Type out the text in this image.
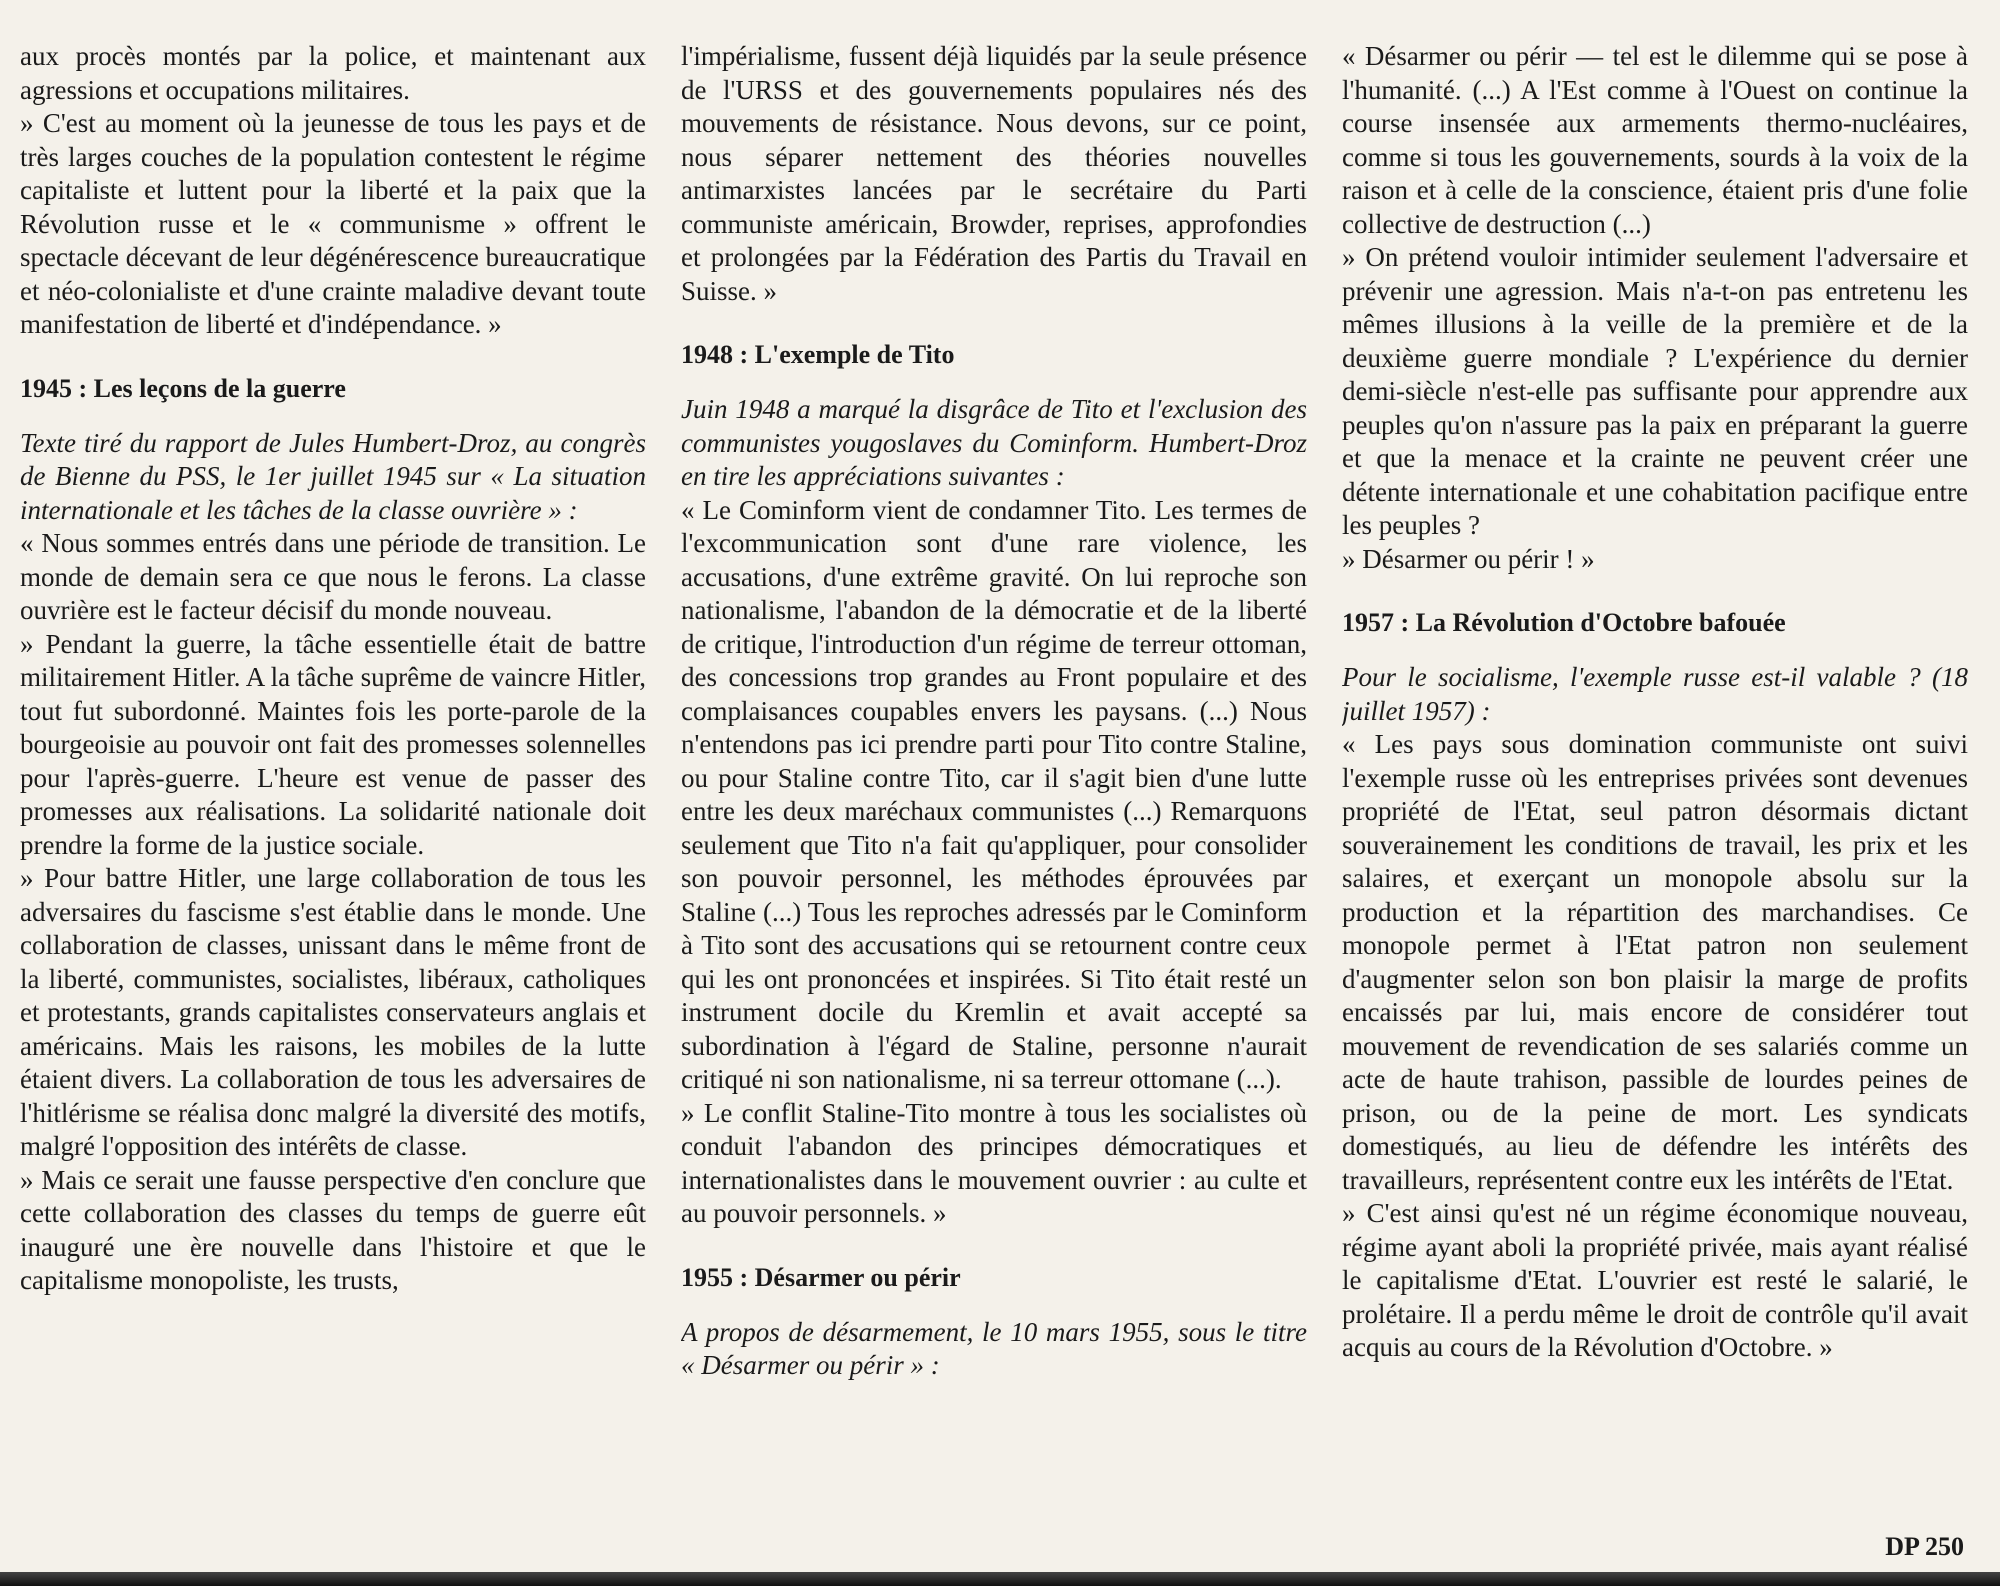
aux procès montés par la police, et maintenant aux agressions et occupations militaires.

» C'est au moment où la jeunesse de tous les pays et de très larges couches de la population contestent le régime capitaliste et luttent pour la liberté et la paix que la Révolution russe et le « communisme » offrent le spectacle décevant de leur dégénérescence bureaucratique et néo-colonialiste et d'une crainte maladive devant toute manifestation de liberté et d'indépendance. »

1945 : Les leçons de la guerre

Texte tiré du rapport de Jules Humbert-Droz, au congrès de Bienne du PSS, le 1er juillet 1945 sur « La situation internationale et les tâches de la classe ouvrière » :

« Nous sommes entrés dans une période de transition. Le monde de demain sera ce que nous le ferons. La classe ouvrière est le facteur décisif du monde nouveau.

» Pendant la guerre, la tâche essentielle était de battre militairement Hitler. A la tâche suprême de vaincre Hitler, tout fut subordonné. Maintes fois les porte-parole de la bourgeoisie au pouvoir ont fait des promesses solennelles pour l'après-guerre. L'heure est venue de passer des promesses aux réalisations. La solidarité nationale doit prendre la forme de la justice sociale.

» Pour battre Hitler, une large collaboration de tous les adversaires du fascisme s'est établie dans le monde. Une collaboration de classes, unissant dans le même front de la liberté, communistes, socialistes, libéraux, catholiques et protestants, grands capitalistes conservateurs anglais et américains. Mais les raisons, les mobiles de la lutte étaient divers. La collaboration de tous les adversaires de l'hitlérisme se réalisa donc malgré la diversité des motifs, malgré l'opposition des intérêts de classe.

» Mais ce serait une fausse perspective d'en conclure que cette collaboration des classes du temps de guerre eût inauguré une ère nouvelle dans l'histoire et que le capitalisme monopoliste, les trusts,

l'impérialisme, fussent déjà liquidés par la seule présence de l'URSS et des gouvernements populaires nés des mouvements de résistance. Nous devons, sur ce point, nous séparer nettement des théories nouvelles antimarxistes lancées par le secrétaire du Parti communiste américain, Browder, reprises, approfondies et prolongées par la Fédération des Partis du Travail en Suisse. »

1948 : L'exemple de Tito

Juin 1948 a marqué la disgrâce de Tito et l'exclusion des communistes yougoslaves du Cominform. Humbert-Droz en tire les appréciations suivantes :

« Le Cominform vient de condamner Tito. Les termes de l'excommunication sont d'une rare violence, les accusations, d'une extrême gravité. On lui reproche son nationalisme, l'abandon de la démocratie et de la liberté de critique, l'introduction d'un régime de terreur ottoman, des concessions trop grandes au Front populaire et des complaisances coupables envers les paysans. (...) Nous n'entendons pas ici prendre parti pour Tito contre Staline, ou pour Staline contre Tito, car il s'agit bien d'une lutte entre les deux maréchaux communistes (...) Remarquons seulement que Tito n'a fait qu'appliquer, pour consolider son pouvoir personnel, les méthodes éprouvées par Staline (...) Tous les reproches adressés par le Cominform à Tito sont des accusations qui se retournent contre ceux qui les ont prononcées et inspirées. Si Tito était resté un instrument docile du Kremlin et avait accepté sa subordination à l'égard de Staline, personne n'aurait critiqué ni son nationalisme, ni sa terreur ottomane (...).

» Le conflit Staline-Tito montre à tous les socialistes où conduit l'abandon des principes démocratiques et internationalistes dans le mouvement ouvrier : au culte et au pouvoir personnels. »

1955 : Désarmer ou périr

A propos de désarmement, le 10 mars 1955, sous le titre « Désarmer ou périr » :

« Désarmer ou périr — tel est le dilemme qui se pose à l'humanité. (...) A l'Est comme à l'Ouest on continue la course insensée aux armements thermo-nucléaires, comme si tous les gouvernements, sourds à la voix de la raison et à celle de la conscience, étaient pris d'une folie collective de destruction (...)

» On prétend vouloir intimider seulement l'adversaire et prévenir une agression. Mais n'a-t-on pas entretenu les mêmes illusions à la veille de la première et de la deuxième guerre mondiale ? L'expérience du dernier demi-siècle n'est-elle pas suffisante pour apprendre aux peuples qu'on n'assure pas la paix en préparant la guerre et que la menace et la crainte ne peuvent créer une détente internationale et une cohabitation pacifique entre les peuples ?

» Désarmer ou périr ! »

1957 : La Révolution d'Octobre bafouée

Pour le socialisme, l'exemple russe est-il valable ? (18 juillet 1957) :

« Les pays sous domination communiste ont suivi l'exemple russe où les entreprises privées sont devenues propriété de l'Etat, seul patron désormais dictant souverainement les conditions de travail, les prix et les salaires, et exerçant un monopole absolu sur la production et la répartition des marchandises. Ce monopole permet à l'Etat patron non seulement d'augmenter selon son bon plaisir la marge de profits encaissés par lui, mais encore de considérer tout mouvement de revendication de ses salariés comme un acte de haute trahison, passible de lourdes peines de prison, ou de la peine de mort. Les syndicats domestiqués, au lieu de défendre les intérêts des travailleurs, représentent contre eux les intérêts de l'Etat.

» C'est ainsi qu'est né un régime économique nouveau, régime ayant aboli la propriété privée, mais ayant réalisé le capitalisme d'Etat. L'ouvrier est resté le salarié, le prolétaire. Il a perdu même le droit de contrôle qu'il avait acquis au cours de la Révolution d'Octobre. »

DP 250
